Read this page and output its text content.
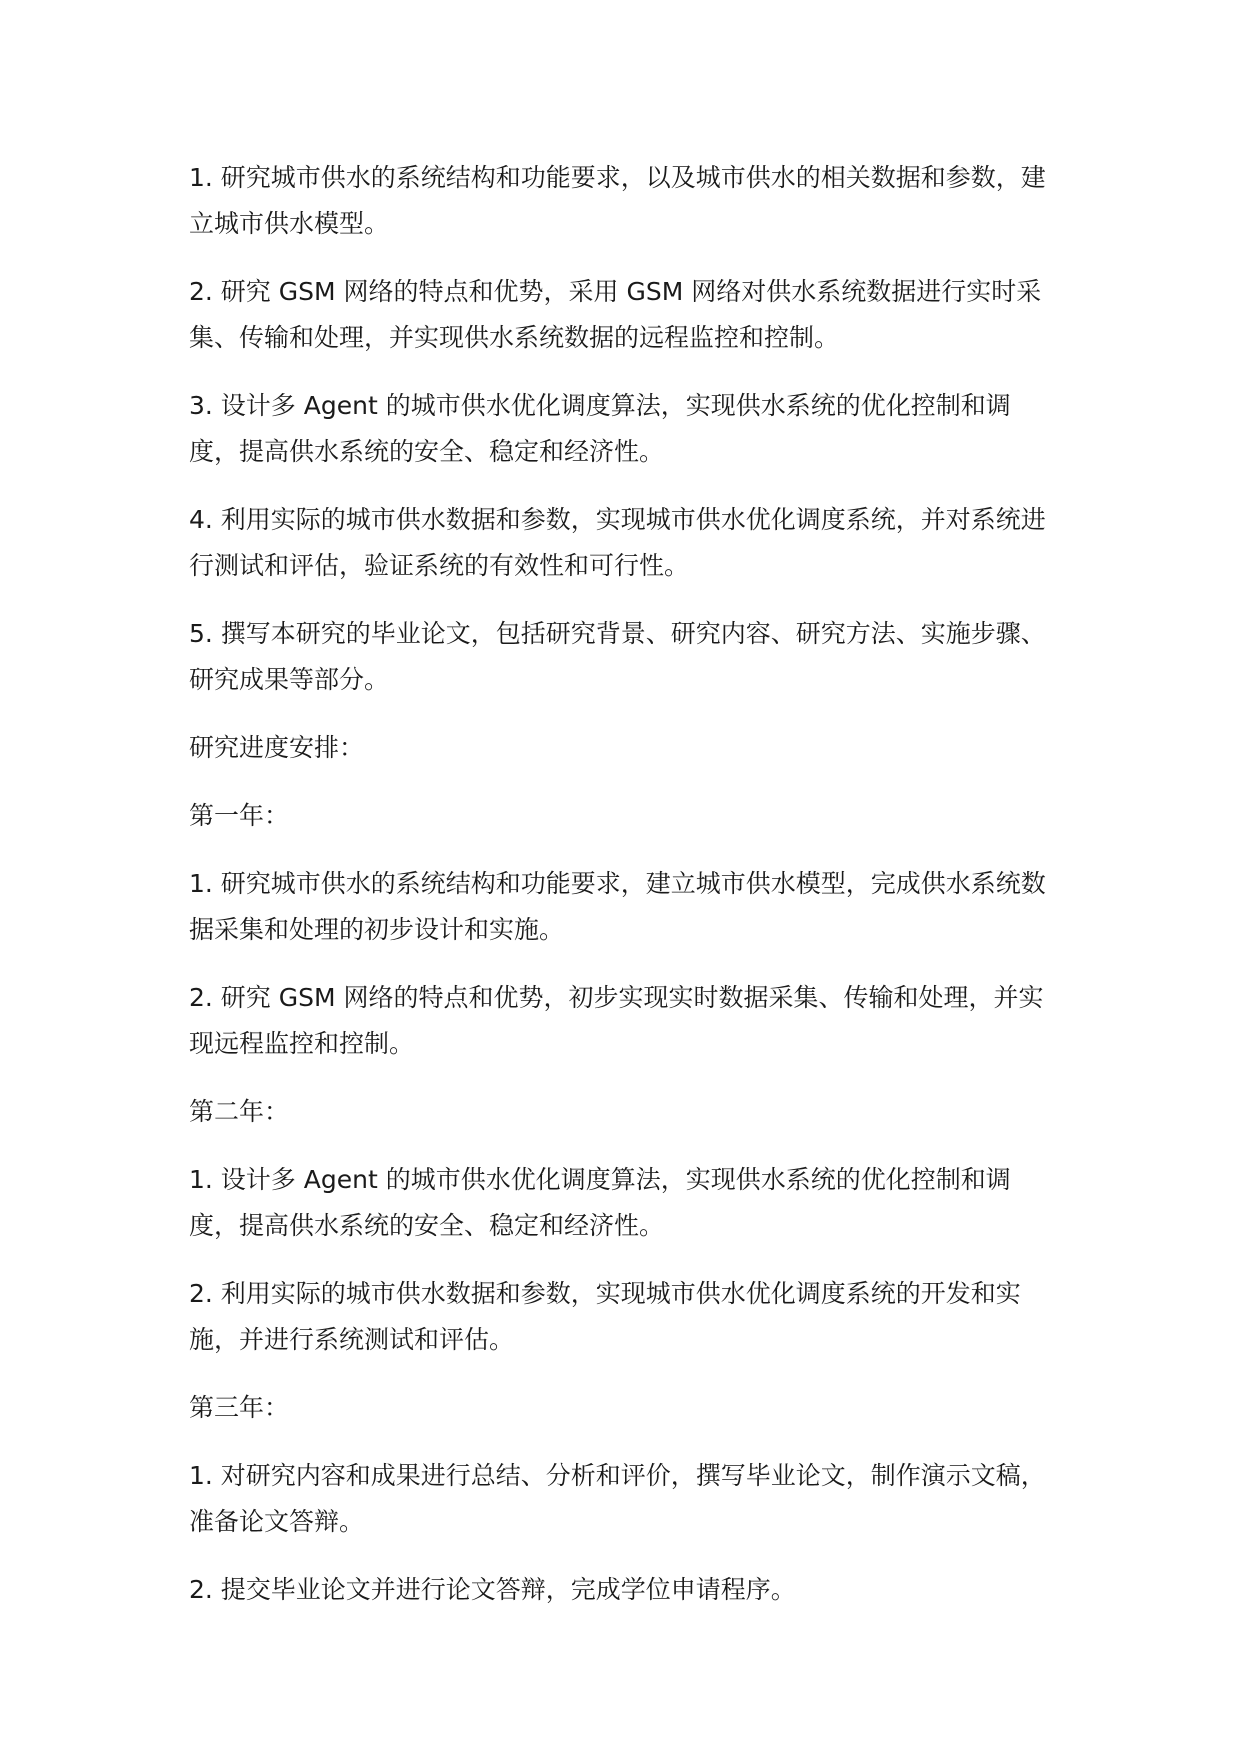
1. 研究城市供水的系统结构和功能要求，以及城市供水的相关数据和参数，建立城市供水模型。

2. 研究 GSM 网络的特点和优势，采用 GSM 网络对供水系统数据进行实时采集、传输和处理，并实现供水系统数据的远程监控和控制。

3. 设计多 Agent 的城市供水优化调度算法，实现供水系统的优化控制和调度，提高供水系统的安全、稳定和经济性。

4. 利用实际的城市供水数据和参数，实现城市供水优化调度系统，并对系统进行测试和评估，验证系统的有效性和可行性。

5. 撰写本研究的毕业论文，包括研究背景、研究内容、研究方法、实施步骤、研究成果等部分。

研究进度安排：

第一年：

1. 研究城市供水的系统结构和功能要求，建立城市供水模型，完成供水系统数据采集和处理的初步设计和实施。

2. 研究 GSM 网络的特点和优势，初步实现实时数据采集、传输和处理，并实现远程监控和控制。

第二年：

1. 设计多 Agent 的城市供水优化调度算法，实现供水系统的优化控制和调度，提高供水系统的安全、稳定和经济性。

2. 利用实际的城市供水数据和参数，实现城市供水优化调度系统的开发和实施，并进行系统测试和评估。

第三年：

1. 对研究内容和成果进行总结、分析和评价，撰写毕业论文，制作演示文稿，准备论文答辩。

2. 提交毕业论文并进行论文答辩，完成学位申请程序。
